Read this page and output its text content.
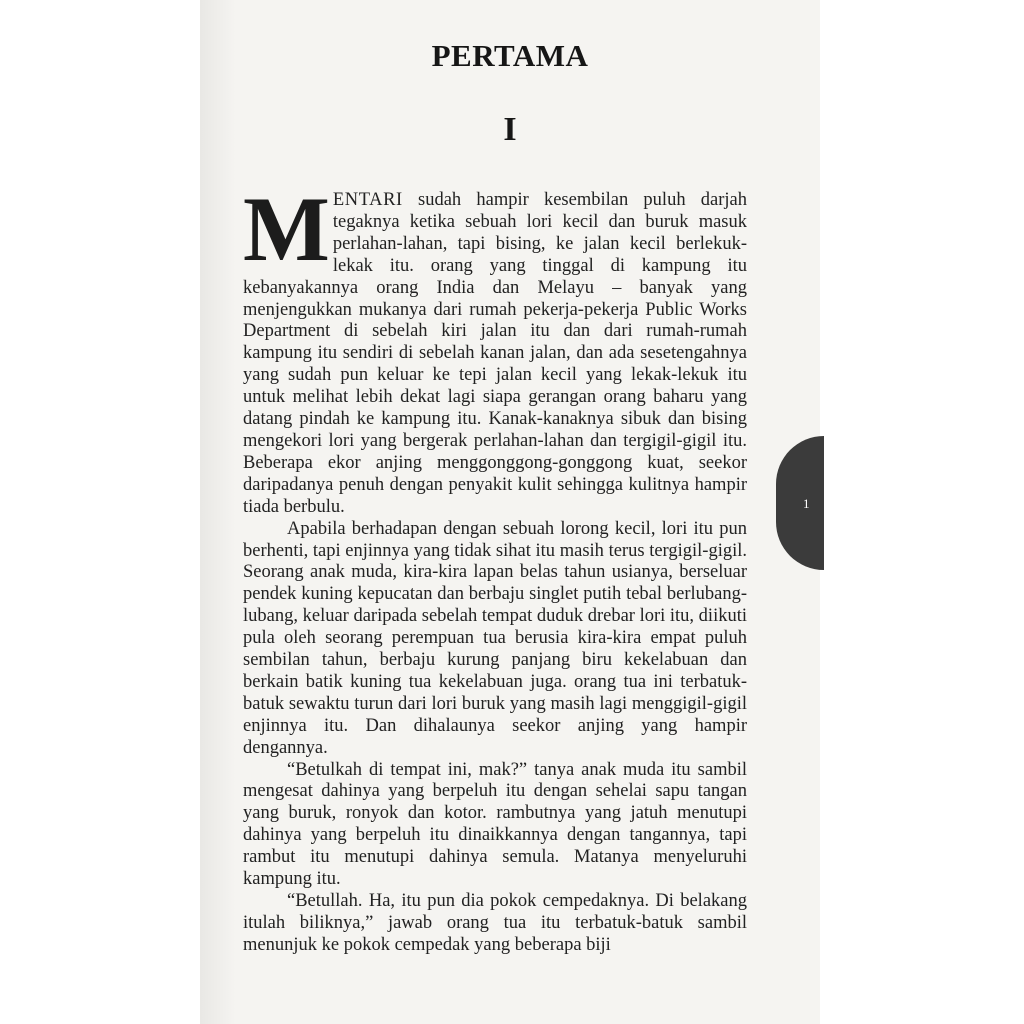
PERTAMA
I

MENTARI sudah hampir kesembilan puluh darjah tegaknya ketika sebuah lori kecil dan buruk masuk perlahan-lahan, tapi bising, ke jalan kecil berlekuk-lekak itu. orang yang tinggal di kampung itu kebanyakannya orang India dan Melayu – banyak yang menjengukkan mukanya dari rumah pekerja-pekerja Public Works Department di sebelah kiri jalan itu dan dari rumah-rumah kampung itu sendiri di sebelah kanan jalan, dan ada sesetengahnya yang sudah pun keluar ke tepi jalan kecil yang lekak-lekuk itu untuk melihat lebih dekat lagi siapa gerangan orang baharu yang datang pindah ke kampung itu. Kanak-kanaknya sibuk dan bising mengekori lori yang bergerak perlahan-lahan dan tergigil-gigil itu. Beberapa ekor anjing menggonggong-gonggong kuat, seekor daripadanya penuh dengan penyakit kulit sehingga kulitnya hampir tiada berbulu.

Apabila berhadapan dengan sebuah lorong kecil, lori itu pun berhenti, tapi enjinnya yang tidak sihat itu masih terus tergigil-gigil. Seorang anak muda, kira-kira lapan belas tahun usianya, berseluar pendek kuning kepucatan dan berbaju singlet putih tebal berlubang-lubang, keluar daripada sebelah tempat duduk drebar lori itu, diikuti pula oleh seorang perempuan tua berusia kira-kira empat puluh sembilan tahun, berbaju kurung panjang biru kekelabuan dan berkain batik kuning tua kekelabuan juga. orang tua ini terbatuk-batuk sewaktu turun dari lori buruk yang masih lagi menggigil-gigil enjinnya itu. Dan dihalaunya seekor anjing yang hampir dengannya.

“Betulkah di tempat ini, mak?” tanya anak muda itu sambil mengesat dahinya yang berpeluh itu dengan sehelai sapu tangan yang buruk, ronyok dan kotor. rambutnya yang jatuh menutupi dahinya yang berpeluh itu dinaikkannya dengan tangannya, tapi rambut itu menutupi dahinya semula. Matanya menyeluruhi kampung itu.

“Betullah. Ha, itu pun dia pokok cempedaknya. Di belakang itulah biliknya,” jawab orang tua itu terbatuk-batuk sambil menunjuk ke pokok cempedak yang beberapa biji

1
